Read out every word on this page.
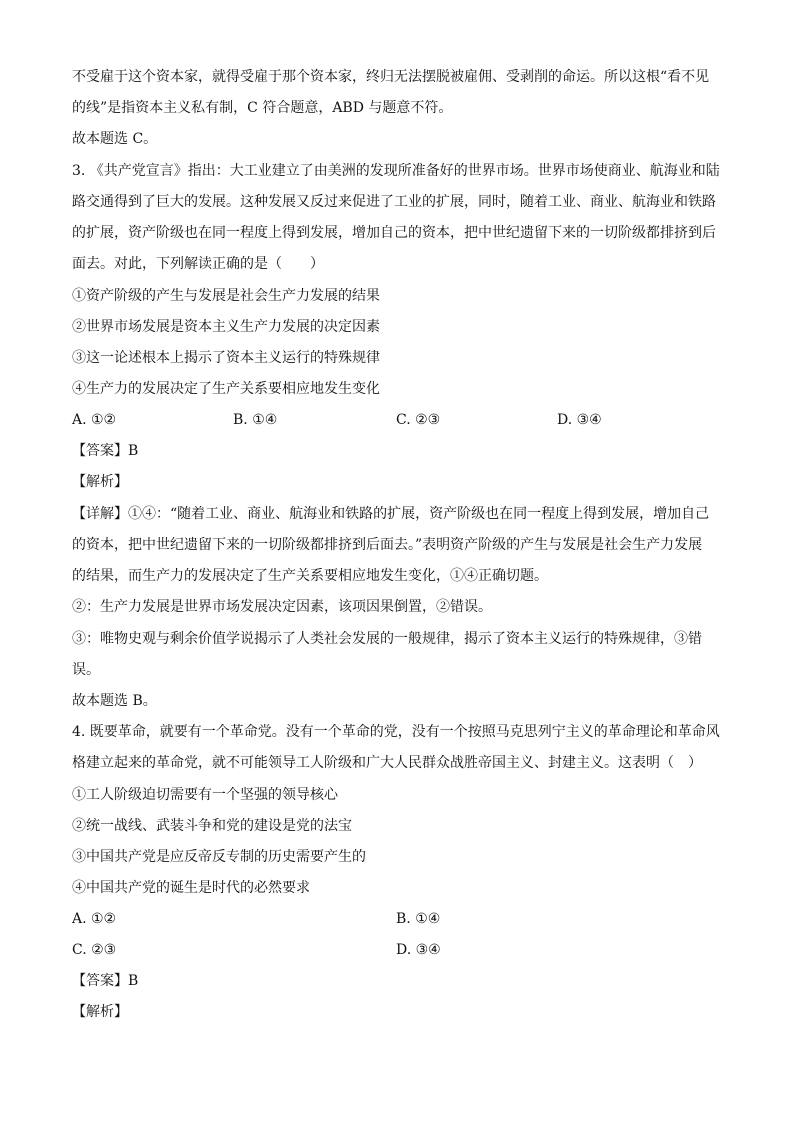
不受雇于这个资本家，就得受雇于那个资本家，终归无法摆脱被雇佣、受剥削的命运。所以这根“看不见
的线”是指资本主义私有制，C 符合题意，ABD 与题意不符。
故本题选 C。
3. 《共产党宣言》指出：大工业建立了由美洲的发现所准备好的世界市场。世界市场使商业、航海业和陆
路交通得到了巨大的发展。这种发展又反过来促进了工业的扩展，同时，随着工业、商业、航海业和铁路
的扩展，资产阶级也在同一程度上得到发展，增加自己的资本，把中世纪遗留下来的一切阶级都排挤到后
面去。对此，下列解读正确的是（　　）
①资产阶级的产生与发展是社会生产力发展的结果
②世界市场发展是资本主义生产力发展的决定因素
③这一论述根本上揭示了资本主义运行的特殊规律
④生产力的发展决定了生产关系要相应地发生变化
A. ①②	B. ①④	C. ②③	D. ③④
【答案】B
【解析】
【详解】①④：“随着工业、商业、航海业和铁路的扩展，资产阶级也在同一程度上得到发展，增加自己
的资本，把中世纪遗留下来的一切阶级都排挤到后面去。”表明资产阶级的产生与发展是社会生产力发展
的结果，而生产力的发展决定了生产关系要相应地发生变化，①④正确切题。
②：生产力发展是世界市场发展决定因素，该项因果倒置，②错误。
③：唯物史观与剩余价值学说揭示了人类社会发展的一般规律，揭示了资本主义运行的特殊规律，③错
误。
故本题选 B。
4. 既要革命，就要有一个革命党。没有一个革命的党，没有一个按照马克思列宁主义的革命理论和革命风
格建立起来的革命党，就不可能领导工人阶级和广大人民群众战胜帝国主义、封建主义。这表明（　）
①工人阶级迫切需要有一个坚强的领导核心
②统一战线、武装斗争和党的建设是党的法宝
③中国共产党是应反帝反专制的历史需要产生的
④中国共产党的诞生是时代的必然要求
A. ①②	B. ①④
C. ②③	D. ③④
【答案】B
【解析】
